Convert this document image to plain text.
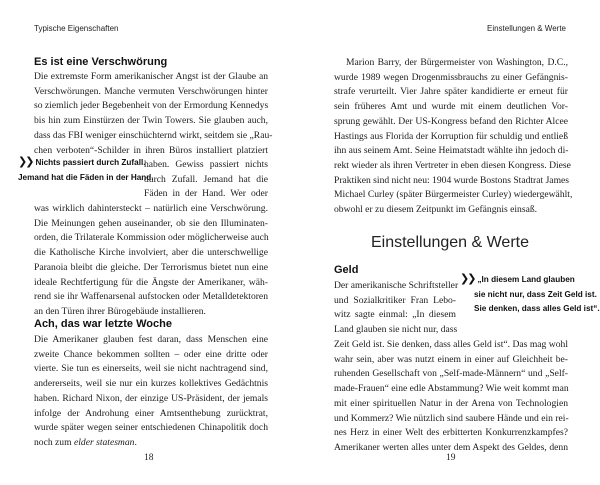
Typische Eigenschaften
Es ist eine Verschwörung
Die extremste Form amerikanischer Angst ist der Glaube an
Verschwörungen. Manche vermuten Verschwörungen hinter
so ziemlich jeder Begebenheit von der Ermordung Kennedys
bis hin zum Einstürzen der Twin Towers. Sie glauben auch,
dass das FBI weniger einschüchternd wirkt, seitdem sie „Rau-
chen verboten“-Schilder in ihren Büros installiert platziert
❯❯ Nichts passiert durch Zufall.
Jemand hat die Fäden in der Hand.
haben. Gewiss passiert nichts
durch Zufall. Jemand hat die
Fäden in der Hand. Wer oder
was wirklich dahintersteckt – natürlich eine Verschwörung.
Die Meinungen gehen auseinander, ob sie den Illuminaten-
orden, die Trilaterale Kommission oder möglicherweise auch
die Katholische Kirche involviert, aber die unterschwellige
Paranoia bleibt die gleiche. Der Terrorismus bietet nun eine
ideale Rechtfertigung für die Ängste der Amerikaner, wäh-
rend sie ihr Waffenarsenal aufstocken oder Metalldetektoren
an den Türen ihrer Bürogebäude installieren.
Ach, das war letzte Woche
Die Amerikaner glauben fest daran, dass Menschen eine
zweite Chance bekommen sollten – oder eine dritte oder
vierte. Sie tun es einerseits, weil sie nicht nachtragend sind,
andererseits, weil sie nur ein kurzes kollektives Gedächtnis
haben. Richard Nixon, der einzige US-Präsident, der jemals
infolge der Androhung einer Amtsenthebung zurücktrat,
wurde später wegen seiner entschiedenen Chinapolitik doch
noch zum elder statesman.
18
Einstellungen & Werte
Marion Barry, der Bürgermeister von Washington, D.C.,
wurde 1989 wegen Drogenmissbrauchs zu einer Gefängnis-
strafe verurteilt. Vier Jahre später kandidierte er erneut für
sein früheres Amt und wurde mit einem deutlichen Vor-
sprung gewählt. Der US-Kongress befand den Richter Alcee
Hastings aus Florida der Korruption für schuldig und entließ
ihn aus seinem Amt. Seine Heimatstadt wählte ihn jedoch di-
rekt wieder als ihren Vertreter in eben diesen Kongress. Diese
Praktiken sind nicht neu: 1904 wurde Bostons Stadtrat James
Michael Curley (später Bürgermeister Curley) wiedergewählt,
obwohl er zu diesem Zeitpunkt im Gefängnis einsaß.
Einstellungen & Werte
Geld
Der amerikanische Schriftsteller
und Sozialkritiker Fran Lebo-
witz sagte einmal: „In diesem
Land glauben sie nicht nur, dass
❯❯ „In diesem Land glauben
sie nicht nur, dass Zeit Geld ist.
Sie denken, dass alles Geld ist“.
Zeit Geld ist. Sie denken, dass alles Geld ist“. Das mag wohl
wahr sein, aber was nutzt einem in einer auf Gleichheit be-
ruhenden Gesellschaft von „Self-made-Männern“ und „Self-
made-Frauen“ eine edle Abstammung? Wie weit kommt man
mit einer spirituellen Natur in der Arena von Technologien
und Kommerz? Wie nützlich sind saubere Hände und ein rei-
nes Herz in einer Welt des erbitterten Konkurrenzkampfes?
Amerikaner werten alles unter dem Aspekt des Geldes, denn
19
